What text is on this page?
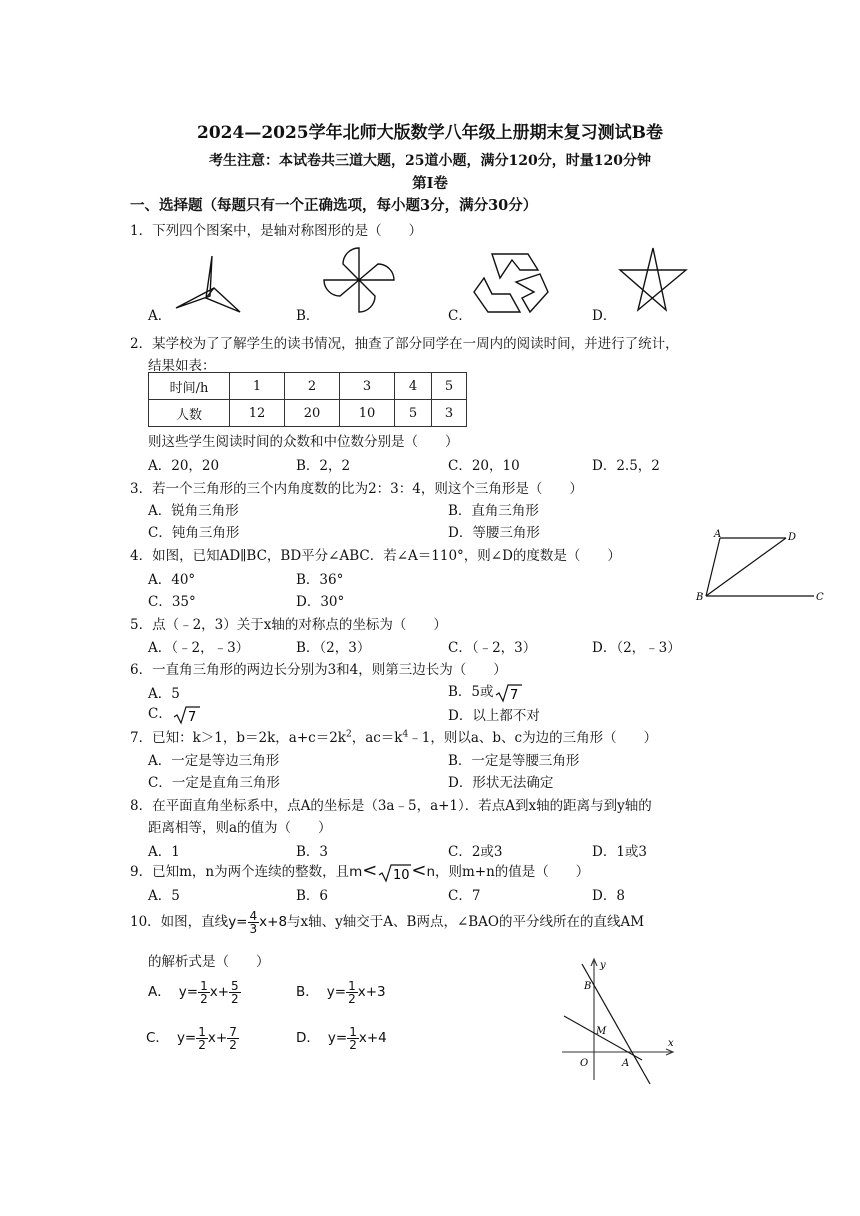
2024—2025学年北师大版数学八年级上册期末复习测试B卷
考生注意：本试卷共三道大题，25道小题，满分120分，时量120分钟
第Ⅰ卷
一、选择题（每题只有一个正确选项，每小题3分，满分30分）
1．下列四个图案中，是轴对称图形的是（　　）
A．	B．	C．	D．
2．某学校为了了解学生的读书情况，抽查了部分同学在一周内的阅读时间，并进行了统计，
结果如表：
时间/h	1	2	3	4	5
人数	12	20	10	5	3
则这些学生阅读时间的众数和中位数分别是（　　）
A．20，20	B．2，2	C．20，10	D．2.5，2
3．若一个三角形的三个内角度数的比为2：3：4，则这个三角形是（　　）
A．锐角三角形	B．直角三角形
C．钝角三角形	D．等腰三角形
4．如图，已知AD∥BC，BD平分∠ABC．若∠A＝110°，则∠D的度数是（　　）
A．40°	B．36°
C．35°	D．30°
A	D
B	C
5．点（﹣2，3）关于x轴的对称点的坐标为（　　）
A．（﹣2，﹣3）	B．（2，3）	C．（﹣2，3）	D．（2，﹣3）
6．一直角三角形的两边长分别为3和4，则第三边长为（　　）
A．5	B．5或 7
C． 7	D．以上都不对
7．已知：k＞1，b＝2k，$a+c=2k^2$，$ac=k^4﹣1$，则以a、b、c为边的三角形（　　）
A．一定是等边三角形	B．一定是等腰三角形
C．一定是直角三角形	D．形状无法确定
8．在平面直角坐标系中，点A的坐标是（3a﹣5，a+1）．若点A到x轴的距离与到y轴的
距离相等，则a的值为（　　）
A．1	B．3	C．2或3	D．1或3
9．已知m，n为两个连续的整数，且m< 10 <n，则m+n的值是（　　）
A．5	B．6	C．7	D．8
10．如图，直线$y= \frac{4}{3} x+8$与x轴、y轴交于A、B两点，∠BAO的平分线所在的直线AM
的解析式是（　　）
A． $y= \frac{1}{2} x+ \frac{5}{2}$	B． $y= \frac{1}{2} x+3$
C． $y= \frac{1}{2} x+ \frac{7}{2}$	D． $y= \frac{1}{2} x+4$
y
B
M
O	A
x
